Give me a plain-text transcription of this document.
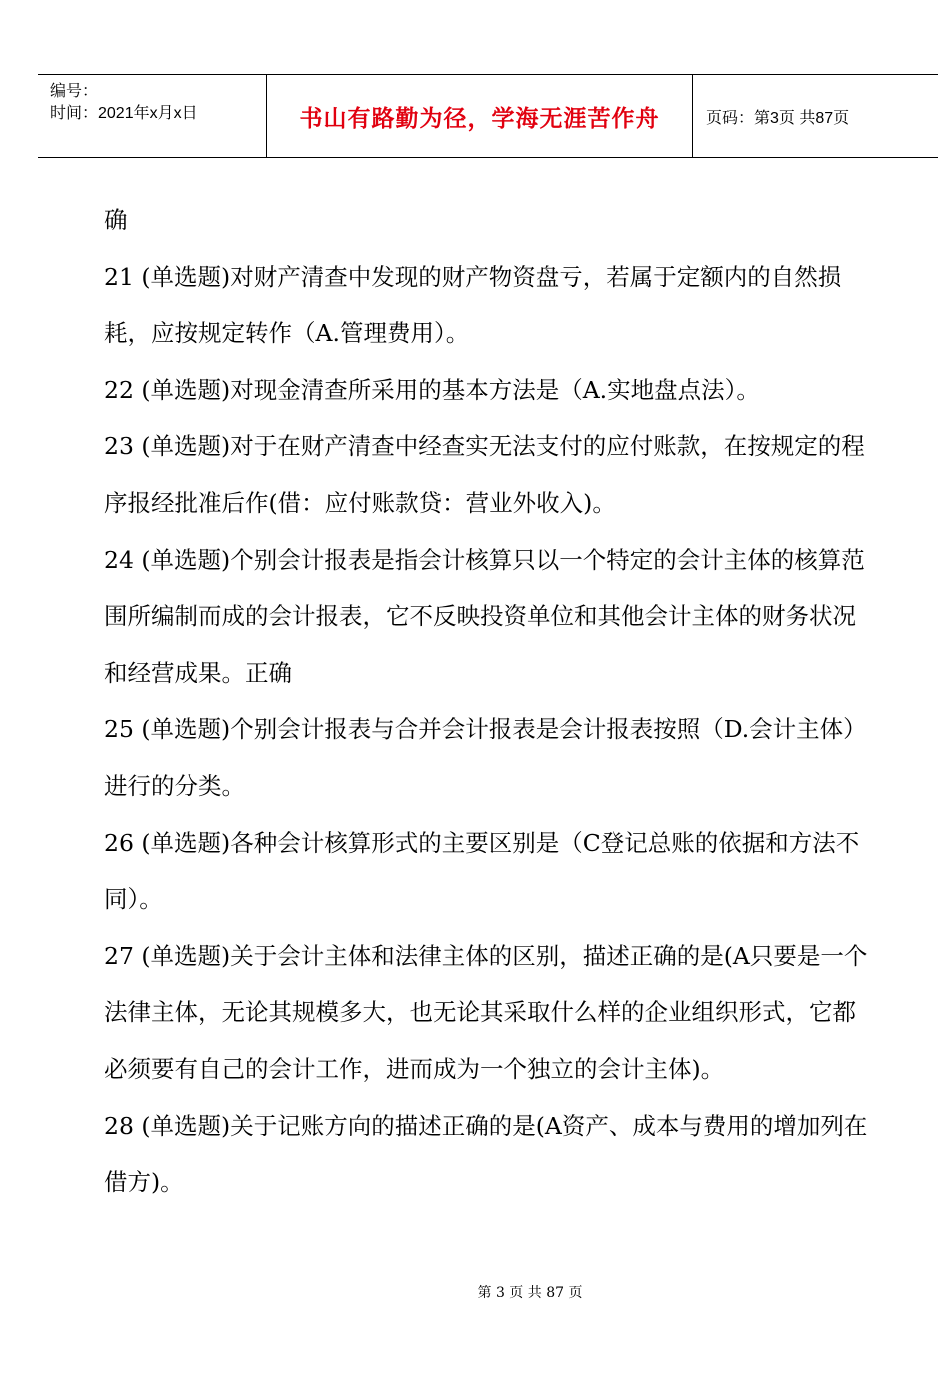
编号：
时间：2021年x月x日	书山有路勤为径，学海无涯苦作舟	页码：第3页 共87页

确

21 (单选题)对财产清查中发现的财产物资盘亏，若属于定额内的自然损耗，应按规定转作（A.管理费用）。

22 (单选题)对现金清查所采用的基本方法是（A.实地盘点法）。

23 (单选题)对于在财产清查中经查实无法支付的应付账款，在按规定的程序报经批准后作(借：应付账款贷：营业外收入)。

24 (单选题)个别会计报表是指会计核算只以一个特定的会计主体的核算范围所编制而成的会计报表，它不反映投资单位和其他会计主体的财务状况和经营成果。正确

25 (单选题)个别会计报表与合并会计报表是会计报表按照（D.会计主体）进行的分类。

26 (单选题)各种会计核算形式的主要区别是（C登记总账的依据和方法不同）。

27 (单选题)关于会计主体和法律主体的区别，描述正确的是(A只要是一个法律主体，无论其规模多大，也无论其采取什么样的企业组织形式，它都必须要有自己的会计工作，进而成为一个独立的会计主体)。

28 (单选题)关于记账方向的描述正确的是(A资产、成本与费用的增加列在借方)。

第 3 页 共 87 页
